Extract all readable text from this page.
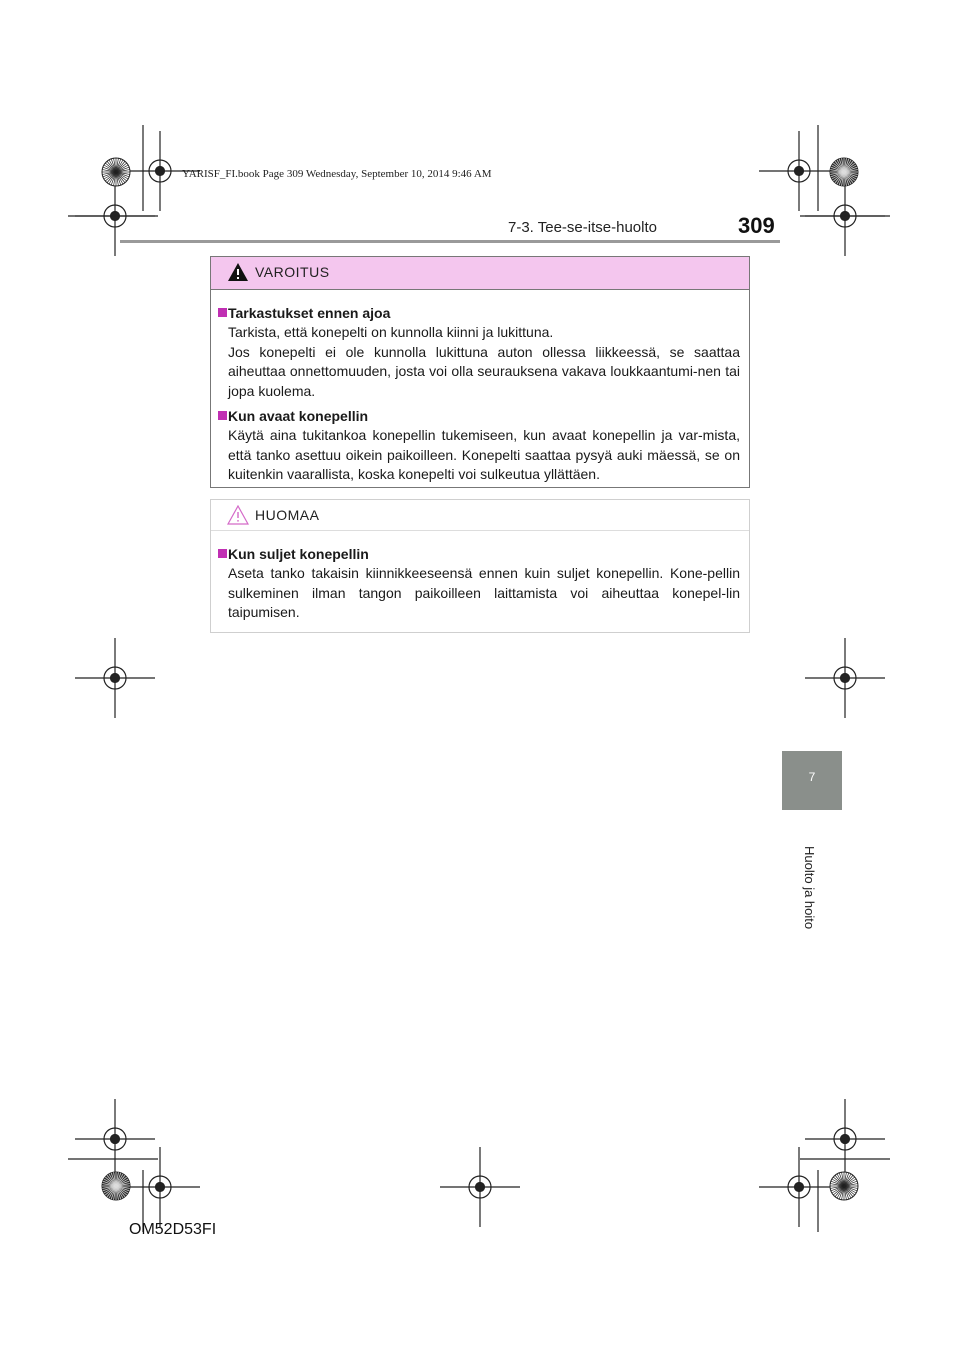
YARISF_FI.book Page 309 Wednesday, September 10, 2014 9:46 AM
7-3. Tee-se-itse-huolto	309
7
Huolto ja hoito
VAROITUS
Tarkastukset ennen ajoa
Tarkista, että konepelti on kunnolla kiinni ja lukittuna.
Jos konepelti ei ole kunnolla lukittuna auton ollessa liikkeessä, se saattaa aiheuttaa onnettomuuden, josta voi olla seurauksena vakava loukkaantumi-nen tai jopa kuolema.
Kun avaat konepellin
Käytä aina tukitankoa konepellin tukemiseen, kun avaat konepellin ja var-mista, että tanko asettuu oikein paikoilleen. Konepelti saattaa pysyä auki mäessä, se on kuitenkin vaarallista, koska konepelti voi sulkeutua yllättäen.
HUOMAA
Kun suljet konepellin
Aseta tanko takaisin kiinnikkeeseensä ennen kuin suljet konepellin. Kone-pellin sulkeminen ilman tangon paikoilleen laittamista voi aiheuttaa konepel-lin taipumisen.
OM52D53FI
